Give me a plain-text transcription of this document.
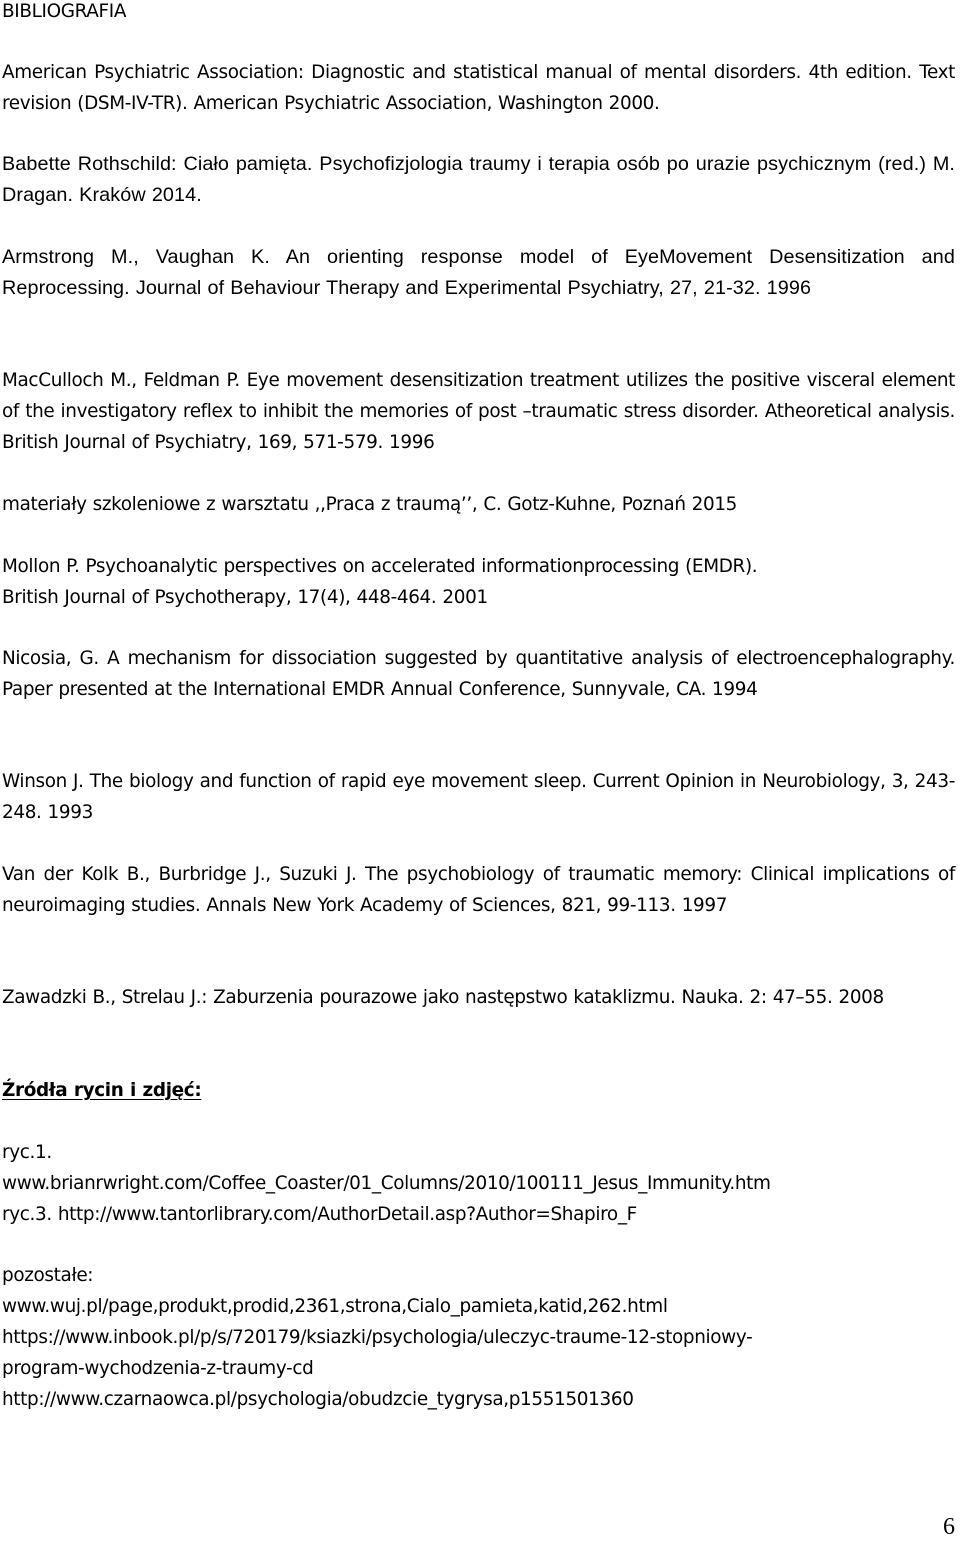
BIBLIOGRAFIA

American Psychiatric Association: Diagnostic and statistical manual of mental disorders. 4th edition. Text revision (DSM-IV-TR). American Psychiatric Association, Washington 2000.

Babette Rothschild: Ciało pamięta. Psychofizjologia traumy i terapia osób po urazie psychicznym (red.) M. Dragan. Kraków 2014.

Armstrong M., Vaughan K. An orienting response model of EyeMovement Desensitization and Reprocessing. Journal of Behaviour Therapy and Experimental Psychiatry, 27, 21-32. 1996

MacCulloch M., Feldman P. Eye movement desensitization treatment utilizes the positive visceral element of the investigatory reflex to inhibit the memories of post –traumatic stress disorder. Atheoretical analysis. British Journal of Psychiatry, 169, 571-579. 1996

materiały szkoleniowe z warsztatu ,,Praca z traumą’’, C. Gotz-Kuhne, Poznań 2015

Mollon P. Psychoanalytic perspectives on accelerated informationprocessing (EMDR).
British Journal of Psychotherapy, 17(4), 448-464. 2001

Nicosia, G. A mechanism for dissociation suggested by quantitative analysis of electroencephalography. Paper presented at the International EMDR Annual Conference, Sunnyvale, CA. 1994

Winson J. The biology and function of rapid eye movement sleep. Current Opinion in Neurobiology, 3, 243-248. 1993

Van der Kolk B., Burbridge J., Suzuki J. The psychobiology of traumatic memory: Clinical implications of neuroimaging studies. Annals New York Academy of Sciences, 821, 99-113. 1997

Zawadzki B., Strelau J.: Zaburzenia pourazowe jako następstwo kataklizmu. Nauka. 2: 47–55. 2008

Źródła rycin i zdjęć:

ryc.1.
www.brianrwright.com/Coffee_Coaster/01_Columns/2010/100111_Jesus_Immunity.htm
ryc.3. http://www.tantorlibrary.com/AuthorDetail.asp?Author=Shapiro_F

pozostałe:
www.wuj.pl/page,produkt,prodid,2361,strona,Cialo_pamieta,katid,262.html
https://www.inbook.pl/p/s/720179/ksiazki/psychologia/uleczyc-traume-12-stopniowy-
program-wychodzenia-z-traumy-cd
http://www.czarnaowca.pl/psychologia/obudzcie_tygrysa,p1551501360

6
